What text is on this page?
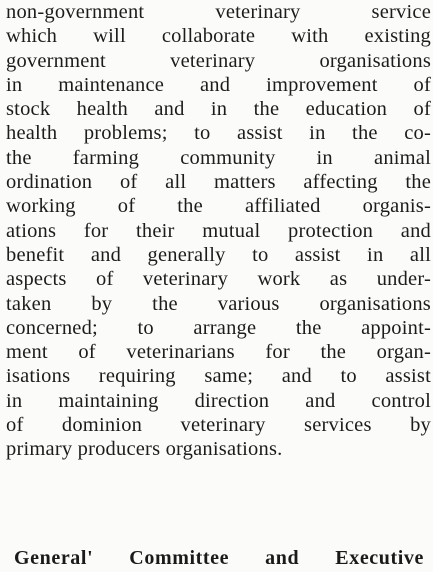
non-government veterinary service
which will collaborate with existing
government veterinary organisations
in maintenance and improvement of
stock health and in the education of
health problems; to assist in the co-
the farming community in animal
ordination of all matters affecting the
working of the affiliated organis-
ations for their mutual protection and
benefit and generally to assist in all
aspects of veterinary work as under-
taken by the various organisations
concerned; to arrange the appoint-
ment of veterinarians for the organ-
isations requiring same; and to assist
in maintaining direction and control
of dominion veterinary services by
primary producers organisations.
General' Committee and Executive
